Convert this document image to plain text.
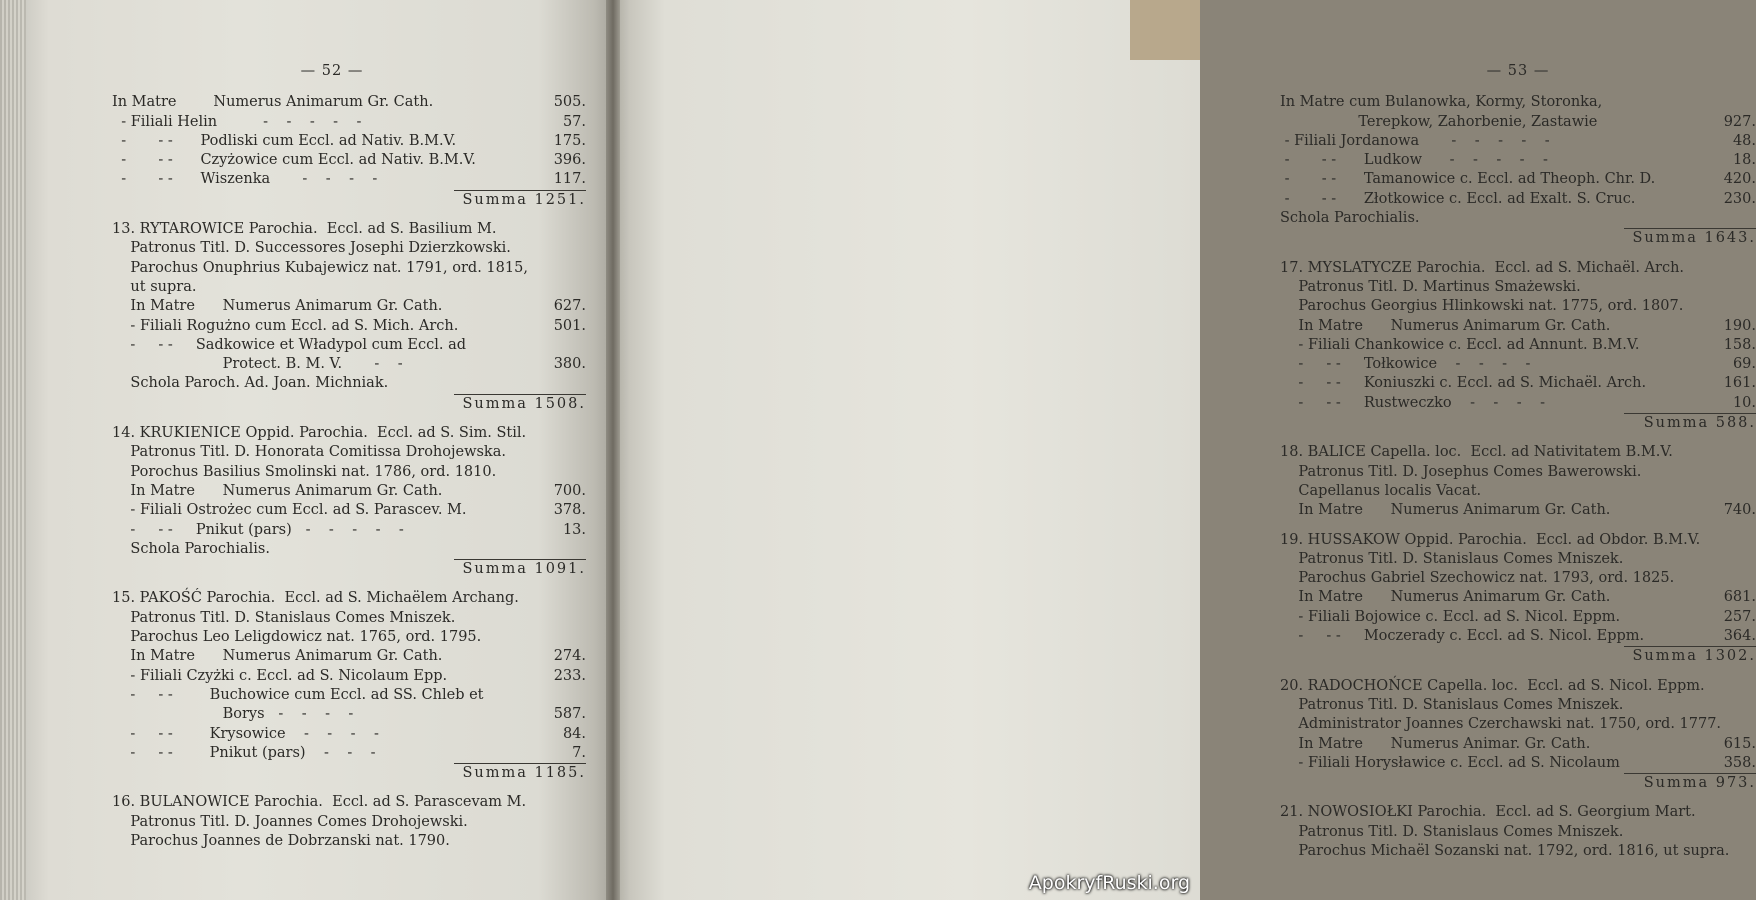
— 52 —
In Matre        Numerus Animarum Gr. Cath.	505.
- Filiali Helin          -    -    -    -    -	57.
-       - -      Podliski cum Eccl. ad Nativ. B.M.V.	175.
-       - -      Czyżowice cum Eccl. ad Nativ. B.M.V.	396.
-       - -      Wiszenka       -    -    -    -	117.
Summa 1251.
13. RYTAROWICE Parochia.  Eccl. ad S. Basilium M.
Patronus Titl. D. Successores Josephi Dzierzkowski.
Parochus Onuphrius Kubajewicz nat. 1791, ord. 1815,
ut supra.
In Matre      Numerus Animarum Gr. Cath.	627.
- Filiali Rogużno cum Eccl. ad S. Mich. Arch.	501.
-     - -     Sadkowice et Władypol cum Eccl. ad
Protect. B. M. V.       -    -	380.
Schola Paroch. Ad. Joan. Michniak.
Summa 1508.
14. KRUKIENICE Oppid. Parochia.  Eccl. ad S. Sim. Stil.
Patronus Titl. D. Honorata Comitissa Drohojewska.
Porochus Basilius Smolinski nat. 1786, ord. 1810.
In Matre      Numerus Animarum Gr. Cath.	700.
- Filiali Ostrożec cum Eccl. ad S. Parascev. M.	378.
-     - -     Pnikut (pars)   -    -    -    -    -	13.
Schola Parochialis.
Summa 1091.
15. PAKOŚĆ Parochia.  Eccl. ad S. Michaëlem Archang.
Patronus Titl. D. Stanislaus Comes Mniszek.
Parochus Leo Leligdowicz nat. 1765, ord. 1795.
In Matre      Numerus Animarum Gr. Cath.	274.
- Filiali Czyżki c. Eccl. ad S. Nicolaum Epp.	233.
-     - -        Buchowice cum Eccl. ad SS. Chleb et
Borys   -    -    -    -	587.
-     - -        Krysowice    -    -    -    -	84.
-     - -        Pnikut (pars)    -    -    -	7.
Summa 1185.
16. BULANOWICE Parochia.  Eccl. ad S. Parascevam M.
Patronus Titl. D. Joannes Comes Drohojewski.
Parochus Joannes de Dobrzanski nat. 1790.
— 53 —
In Matre cum Bulanowka, Kormy, Storonka,
Terepkow, Zahorbenie, Zastawie	927.
- Filiali Jordanowa       -    -    -    -    -	48.
-       - -      Ludkow      -    -    -    -    -	18.
-       - -      Tamanowice c. Eccl. ad Theoph. Chr. D.	420.
-       - -      Złotkowice c. Eccl. ad Exalt. S. Cruc.	230.
Schola Parochialis.
Summa 1643.
17. MYSLATYCZE Parochia.  Eccl. ad S. Michaël. Arch.
Patronus Titl. D. Martinus Smażewski.
Parochus Georgius Hlinkowski nat. 1775, ord. 1807.
In Matre      Numerus Animarum Gr. Cath.	190.
- Filiali Chankowice c. Eccl. ad Annunt. B.M.V.	158.
-     - -     Tołkowice    -    -    -    -	69.
-     - -     Koniuszki c. Eccl. ad S. Michaël. Arch.	161.
-     - -     Rustweczko    -    -    -    -	10.
Summa 588.
18. BALICE Capella. loc.  Eccl. ad Nativitatem B.M.V.
Patronus Titl. D. Josephus Comes Bawerowski.
Capellanus localis Vacat.
In Matre      Numerus Animarum Gr. Cath.	740.
19. HUSSAKOW Oppid. Parochia.  Eccl. ad Obdor. B.M.V.
Patronus Titl. D. Stanislaus Comes Mniszek.
Parochus Gabriel Szechowicz nat. 1793, ord. 1825.
In Matre      Numerus Animarum Gr. Cath.	681.
- Filiali Bojowice c. Eccl. ad S. Nicol. Eppm.	257.
-     - -     Moczerady c. Eccl. ad S. Nicol. Eppm.	364.
Summa 1302.
20. RADOCHOŃCE Capella. loc.  Eccl. ad S. Nicol. Eppm.
Patronus Titl. D. Stanislaus Comes Mniszek.
Administrator Joannes Czerchawski nat. 1750, ord. 1777.
In Matre      Numerus Animar. Gr. Cath.	615.
- Filiali Horysławice c. Eccl. ad S. Nicolaum	358.
Summa 973.
21. NOWOSIOŁKI Parochia.  Eccl. ad S. Georgium Mart.
Patronus Titl. D. Stanislaus Comes Mniszek.
Parochus Michaël Sozanski nat. 1792, ord. 1816, ut supra.
ApokryfRuski.org
